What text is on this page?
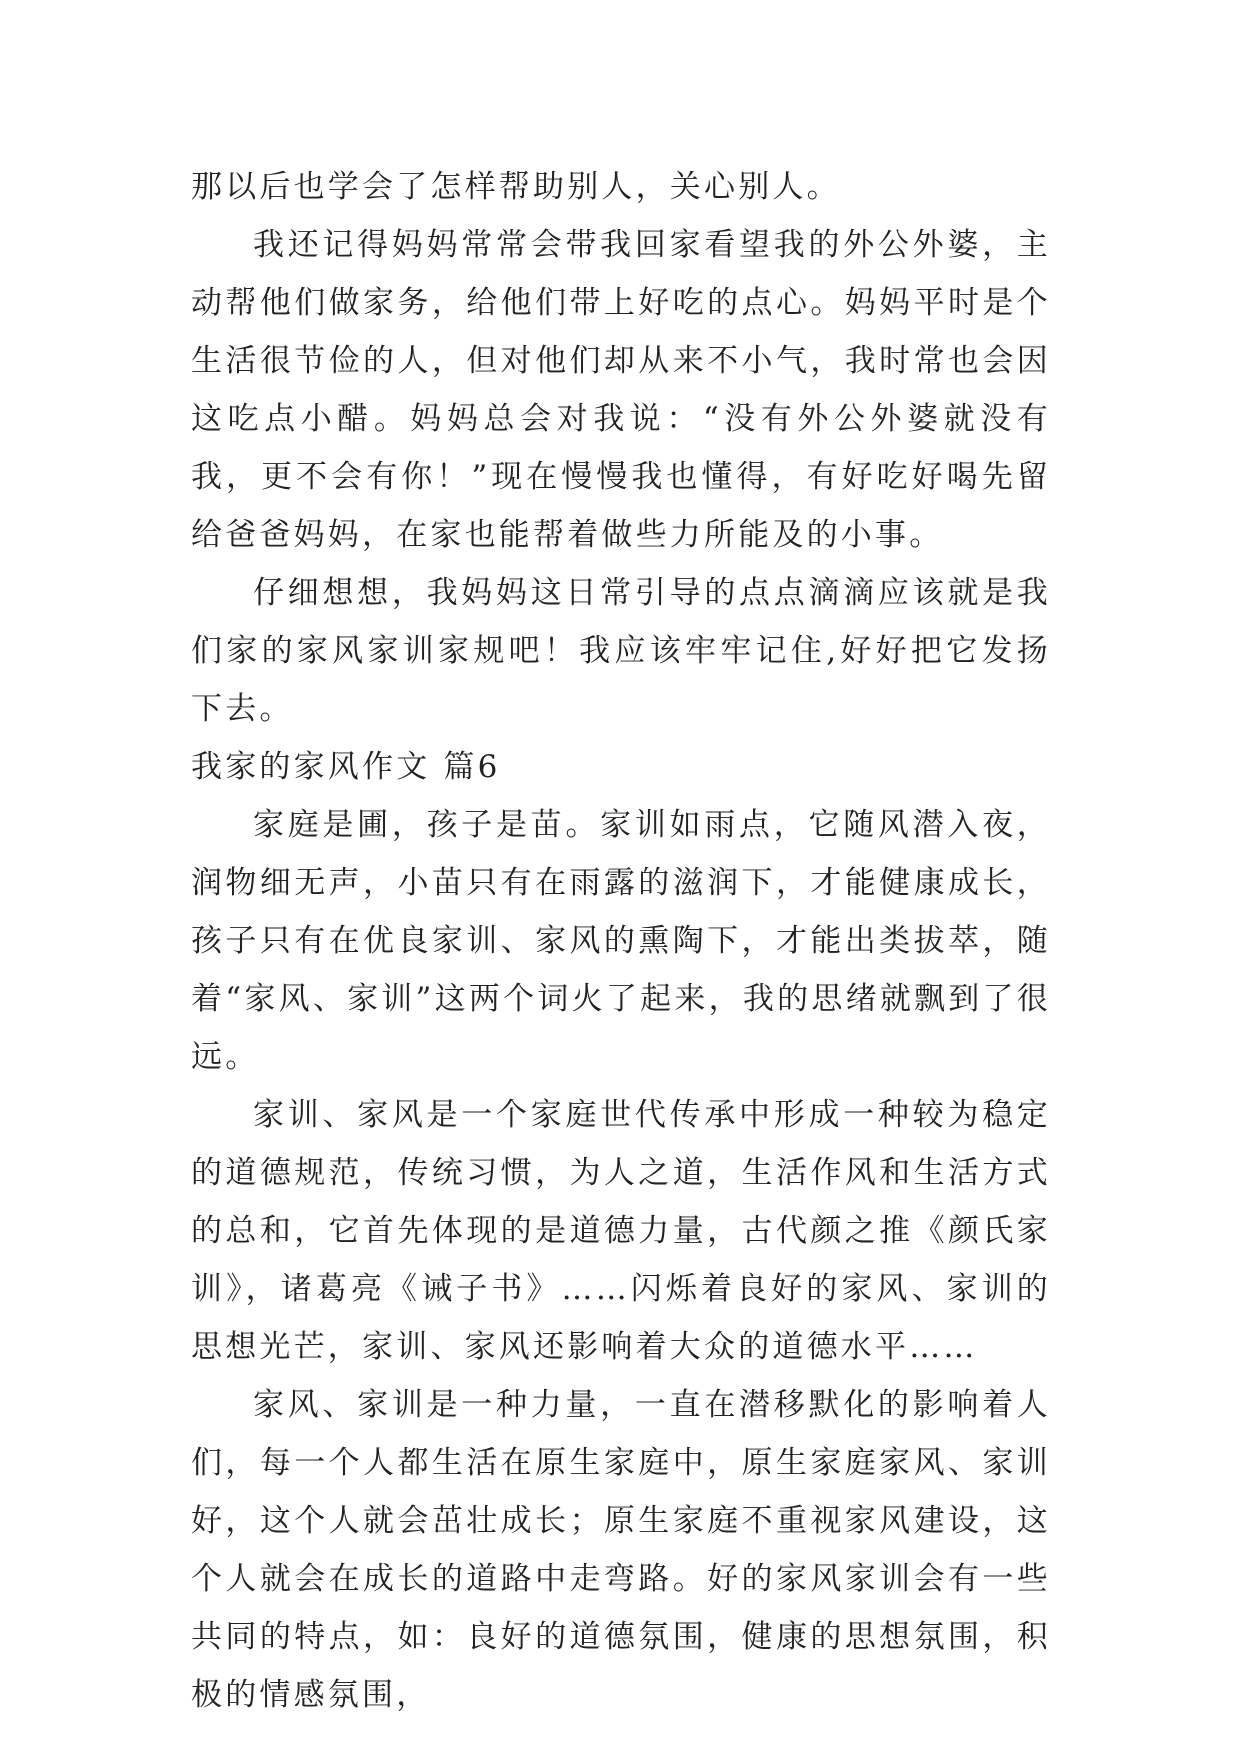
那以后也学会了怎样帮助别人，关心别人。

我还记得妈妈常常会带我回家看望我的外公外婆，主动帮他们做家务，给他们带上好吃的点心。妈妈平时是个生活很节俭的人，但对他们却从来不小气，我时常也会因这吃点小醋。妈妈总会对我说：“没有外公外婆就没有我，更不会有你！”现在慢慢我也懂得，有好吃好喝先留给爸爸妈妈，在家也能帮着做些力所能及的小事。

仔细想想，我妈妈这日常引导的点点滴滴应该就是我们家的家风家训家规吧！我应该牢牢记住,好好把它发扬下去。

我家的家风作文 篇6

家庭是圃，孩子是苗。家训如雨点，它随风潜入夜，润物细无声，小苗只有在雨露的滋润下，才能健康成长，孩子只有在优良家训、家风的熏陶下，才能出类拔萃，随着“家风、家训”这两个词火了起来，我的思绪就飘到了很远。

家训、家风是一个家庭世代传承中形成一种较为稳定的道德规范，传统习惯，为人之道，生活作风和生活方式的总和，它首先体现的是道德力量，古代颜之推《颜氏家训》，诸葛亮《诫子书》……闪烁着良好的家风、家训的思想光芒，家训、家风还影响着大众的道德水平……

家风、家训是一种力量，一直在潜移默化的影响着人们，每一个人都生活在原生家庭中，原生家庭家风、家训好，这个人就会茁壮成长；原生家庭不重视家风建设，这个人就会在成长的道路中走弯路。好的家风家训会有一些共同的特点，如：良好的道德氛围，健康的思想氛围，积极的情感氛围，
